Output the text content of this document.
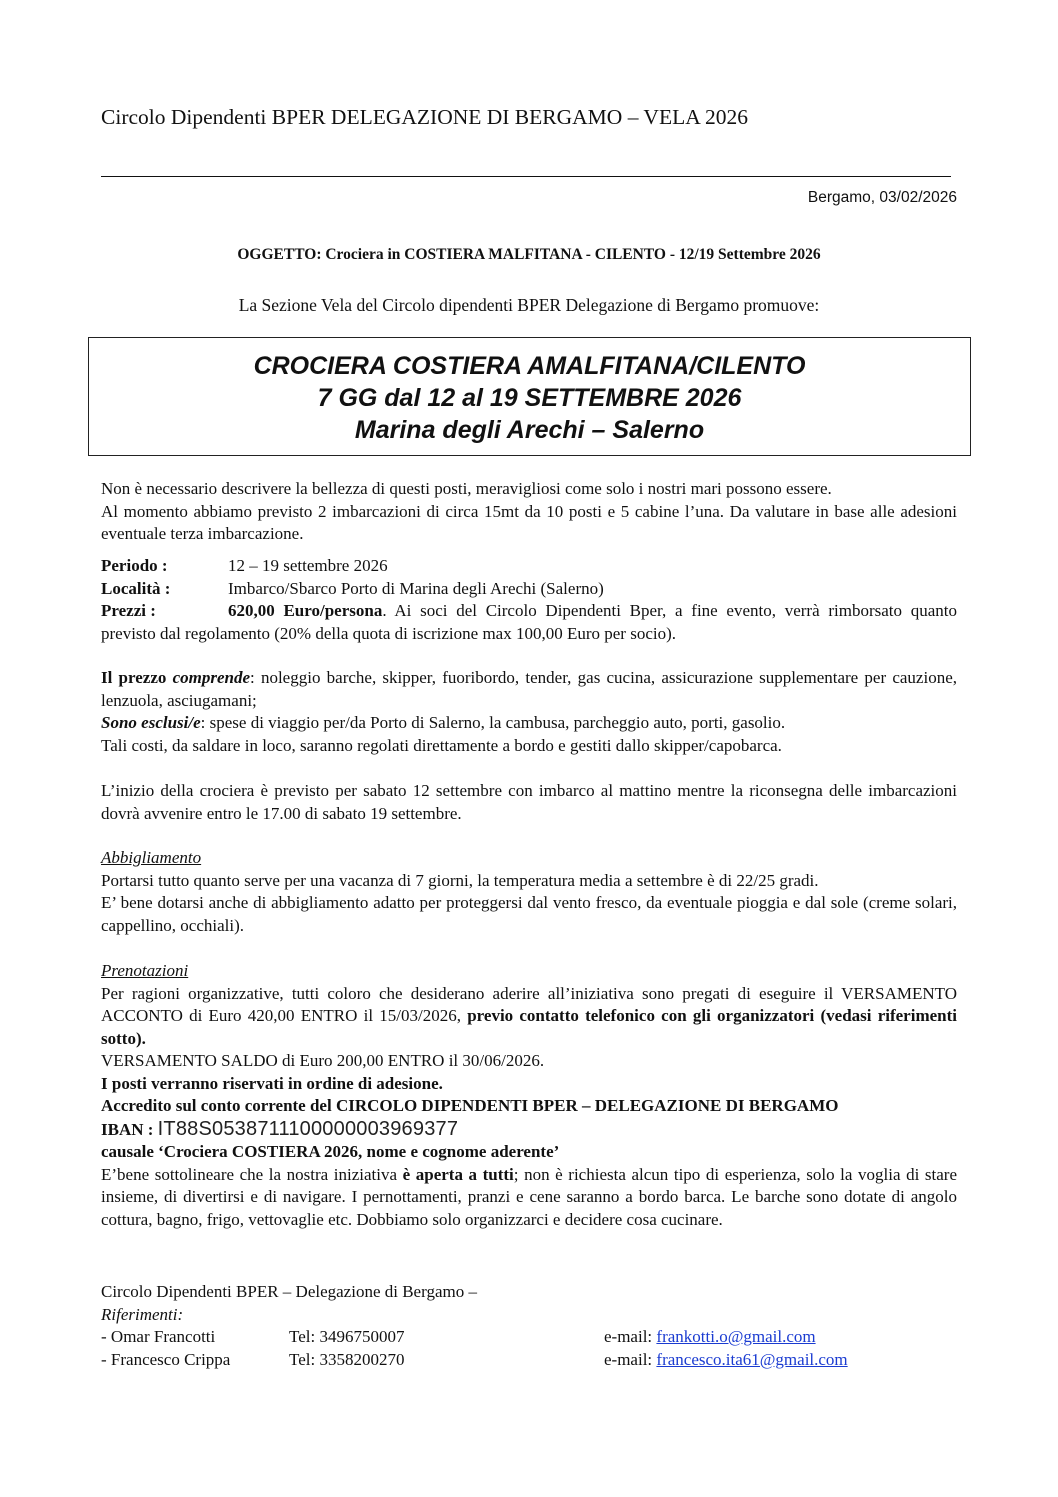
Circolo Dipendenti BPER DELEGAZIONE DI BERGAMO – VELA 2026
Bergamo, 03/02/2026
OGGETTO: Crociera in COSTIERA MALFITANA - CILENTO - 12/19 Settembre 2026
La Sezione Vela del Circolo dipendenti BPER Delegazione di Bergamo promuove:
CROCIERA COSTIERA AMALFITANA/CILENTO
7 GG dal 12 al 19 SETTEMBRE 2026
Marina degli Arechi – Salerno

Non è necessario descrivere la bellezza di questi posti, meravigliosi come solo i nostri mari possono essere.

Al momento abbiamo previsto 2 imbarcazioni di circa 15mt da 10 posti e 5 cabine l’una. Da valutare in base alle adesioni eventuale terza imbarcazione.

Periodo :	12 – 19 settembre 2026
Località :	Imbarco/Sbarco Porto di Marina degli Arechi (Salerno)

Prezzi :	620,00 Euro/persona. Ai soci del Circolo Dipendenti Bper, a fine evento, verrà rimborsato quanto previsto dal regolamento (20% della quota di iscrizione max 100,00 Euro per socio).

Il prezzo comprende: noleggio barche, skipper, fuoribordo, tender, gas cucina, assicurazione supplementare per cauzione, lenzuola, asciugamani;

Sono esclusi/e: spese di viaggio per/da Porto di Salerno, la cambusa, parcheggio auto, porti, gasolio.

Tali costi, da saldare in loco, saranno regolati direttamente a bordo e gestiti dallo skipper/capobarca.

L’inizio della crociera è previsto per sabato 12 settembre con imbarco al mattino mentre la riconsegna delle imbarcazioni dovrà avvenire entro le 17.00 di sabato 19 settembre.

Abbigliamento

Portarsi tutto quanto serve per una vacanza di 7 giorni, la temperatura media a settembre è di 22/25 gradi.

E’ bene dotarsi anche di abbigliamento adatto per proteggersi dal vento fresco, da eventuale pioggia e dal sole (creme solari, cappellino, occhiali).

Prenotazioni

Per ragioni organizzative, tutti coloro che desiderano aderire all’iniziativa sono pregati di eseguire il VERSAMENTO ACCONTO di Euro 420,00 ENTRO il 15/03/2026, previo contatto telefonico con gli organizzatori (vedasi riferimenti sotto).

VERSAMENTO SALDO di Euro 200,00 ENTRO il 30/06/2026.

I posti verranno riservati in ordine di adesione.

Accredito sul conto corrente del CIRCOLO DIPENDENTI BPER – DELEGAZIONE DI BERGAMO

IBAN : IT88S0538711100000003969377

causale ‘Crociera COSTIERA 2026, nome e cognome aderente’

E’bene sottolineare che la nostra iniziativa è aperta a tutti; non è richiesta alcun tipo di esperienza, solo la voglia di stare insieme, di divertirsi e di navigare. I pernottamenti, pranzi e cene saranno a bordo barca. Le barche sono dotate di angolo cottura, bagno, frigo, vettovaglie etc. Dobbiamo solo organizzarci e decidere cosa cucinare.

Circolo Dipendenti BPER – Delegazione di Bergamo –

Riferimenti:

- Omar Francotti	Tel: 3496750007	e-mail: frankotti.o@gmail.com
- Francesco Crippa	Tel: 3358200270	e-mail: francesco.ita61@gmail.com
